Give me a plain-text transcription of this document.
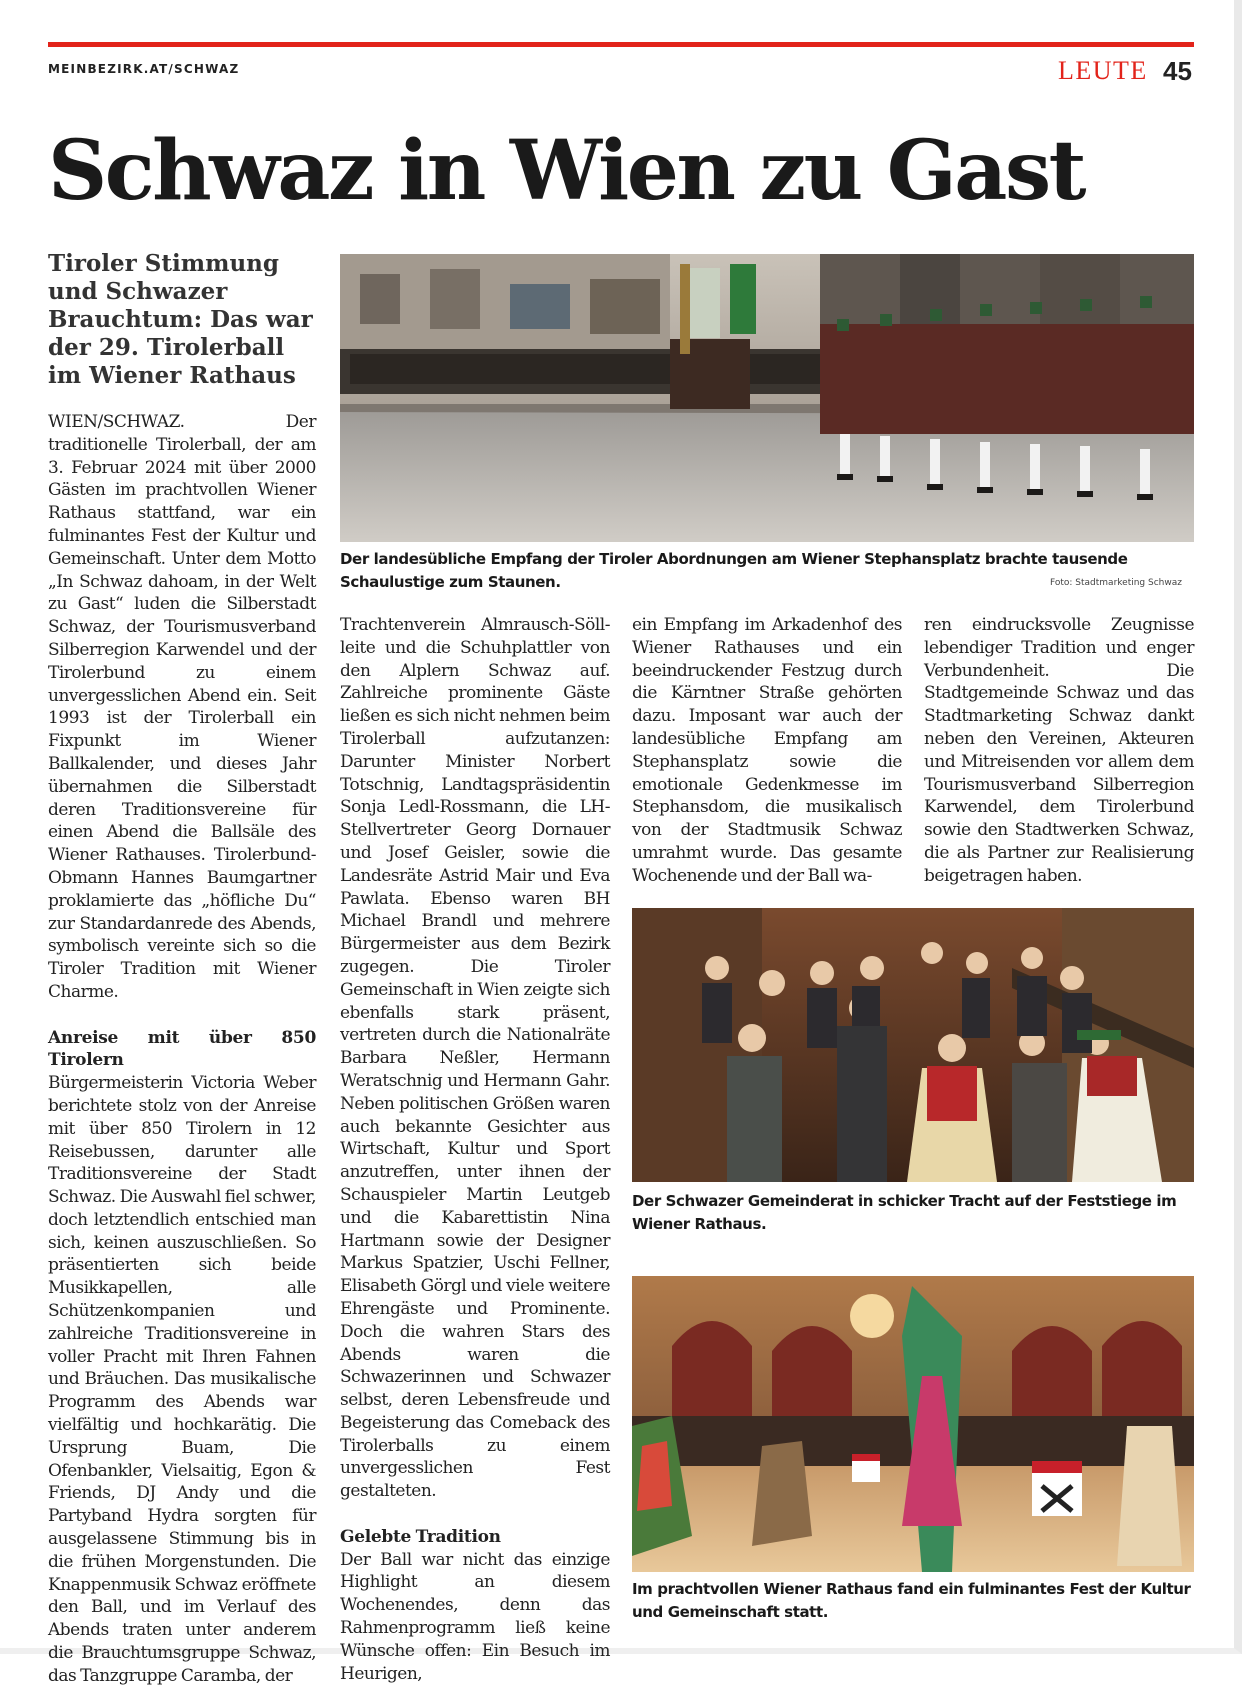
MEINBEZIRK.AT/SCHWAZ	LEUTE 45
Schwaz in Wien zu Gast
Tiroler Stimmung und Schwazer Brauchtum: Das war der 29. Tirolerball im Wiener Rathaus

WIEN/SCHWAZ. Der traditionelle Tirolerball, der am 3. Februar 2024 mit über 2000 Gästen im prachtvollen Wiener Rathaus stattfand, war ein fulminantes Fest der Kultur und Gemeinschaft. Unter dem Motto „In Schwaz dahoam, in der Welt zu Gast“ luden die Silberstadt Schwaz, der Tourismusverband Silberregion Karwendel und der Tirolerbund zu einem unvergesslichen Abend ein. Seit 1993 ist der Tirolerball ein Fixpunkt im Wiener Ballkalender, und dieses Jahr übernahmen die Silberstadt deren Traditionsvereine für einen Abend die Ballsäle des Wiener Rathauses. Tirolerbund-Obmann Hannes Baumgartner proklamierte das „höfliche Du“ zur Standardanrede des Abends, symbolisch vereinte sich so die Tiroler Tradition mit Wiener Charme.

Anreise mit über 850 Tirolern

Bürgermeisterin Victoria Weber berichtete stolz von der Anreise mit über 850 Tirolern in 12 Reisebussen, darunter alle Traditionsvereine der Stadt Schwaz. Die Auswahl fiel schwer, doch letztendlich entschied man sich, keinen auszuschließen. So präsentierten sich beide Musikkapellen, alle Schützenkompanien und zahlreiche Traditionsvereine in voller Pracht mit Ihren Fahnen und Bräuchen. Das musikalische Programm des Abends war vielfältig und hochkarätig. Die Ursprung Buam, Die Ofenbankler, Vielsaitig, Egon & Friends, DJ Andy und die Partyband Hydra sorgten für ausgelassene Stimmung bis in die frühen Morgenstunden. Die Knappenmusik Schwaz eröffnete den Ball, und im Verlauf des Abends traten unter anderem die Brauchtumsgruppe Schwaz, das Tanzgruppe Caramba, der

Trachtenverein Almrausch-Söll-leite und die Schuhplattler von den Alplern Schwaz auf. Zahlreiche prominente Gäste ließen es sich nicht nehmen beim Tirolerball aufzutanzen: Darunter Minister Norbert Totschnig, Landtagspräsidentin Sonja Ledl-Rossmann, die LH-Stellvertreter Georg Dornauer und Josef Geisler, sowie die Landesräte Astrid Mair und Eva Pawlata. Ebenso waren BH Michael Brandl und mehrere Bürgermeister aus dem Bezirk zugegen. Die Tiroler Gemeinschaft in Wien zeigte sich ebenfalls stark präsent, vertreten durch die Nationalräte Barbara Neßler, Hermann Weratschnig und Hermann Gahr. Neben politischen Größen waren auch bekannte Gesichter aus Wirtschaft, Kultur und Sport anzutreffen, unter ihnen der Schauspieler Martin Leutgeb und die Kabarettistin Nina Hartmann sowie der Designer Markus Spatzier, Uschi Fellner, Elisabeth Görgl und viele weitere Ehrengäste und Prominente. Doch die wahren Stars des Abends waren die Schwazerinnen und Schwazer selbst, deren Lebensfreude und Begeisterung das Comeback des Tirolerballs zu einem unvergesslichen Fest gestalteten.

Gelebte Tradition

Der Ball war nicht das einzige Highlight an diesem Wochenendes, denn das Rahmenprogramm ließ keine Wünsche offen: Ein Besuch im Heurigen,

ein Empfang im Arkadenhof des Wiener Rathauses und ein beeindruckender Festzug durch die Kärntner Straße gehörten dazu. Imposant war auch der landesübliche Empfang am Stephansplatz sowie die emotionale Gedenkmesse im Stephansdom, die musikalisch von der Stadtmusik Schwaz umrahmt wurde. Das gesamte Wochenende und der Ball wa-

ren eindrucksvolle Zeugnisse lebendiger Tradition und enger Verbundenheit. Die Stadtgemeinde Schwaz und das Stadtmarketing Schwaz dankt neben den Vereinen, Akteuren und Mitreisenden vor allem dem Tourismusverband Silberregion Karwendel, dem Tirolerbund sowie den Stadtwerken Schwaz, die als Partner zur Realisierung beigetragen haben.

Der landesübliche Empfang der Tiroler Abordnungen am Wiener Stephansplatz brachte tausende Schaulustige zum Staunen.	Foto: Stadtmarketing Schwaz
Der Schwazer Gemeinderat in schicker Tracht auf der Feststiege im Wiener Rathaus.
Im prachtvollen Wiener Rathaus fand ein fulminantes Fest der Kultur und Gemeinschaft statt.
